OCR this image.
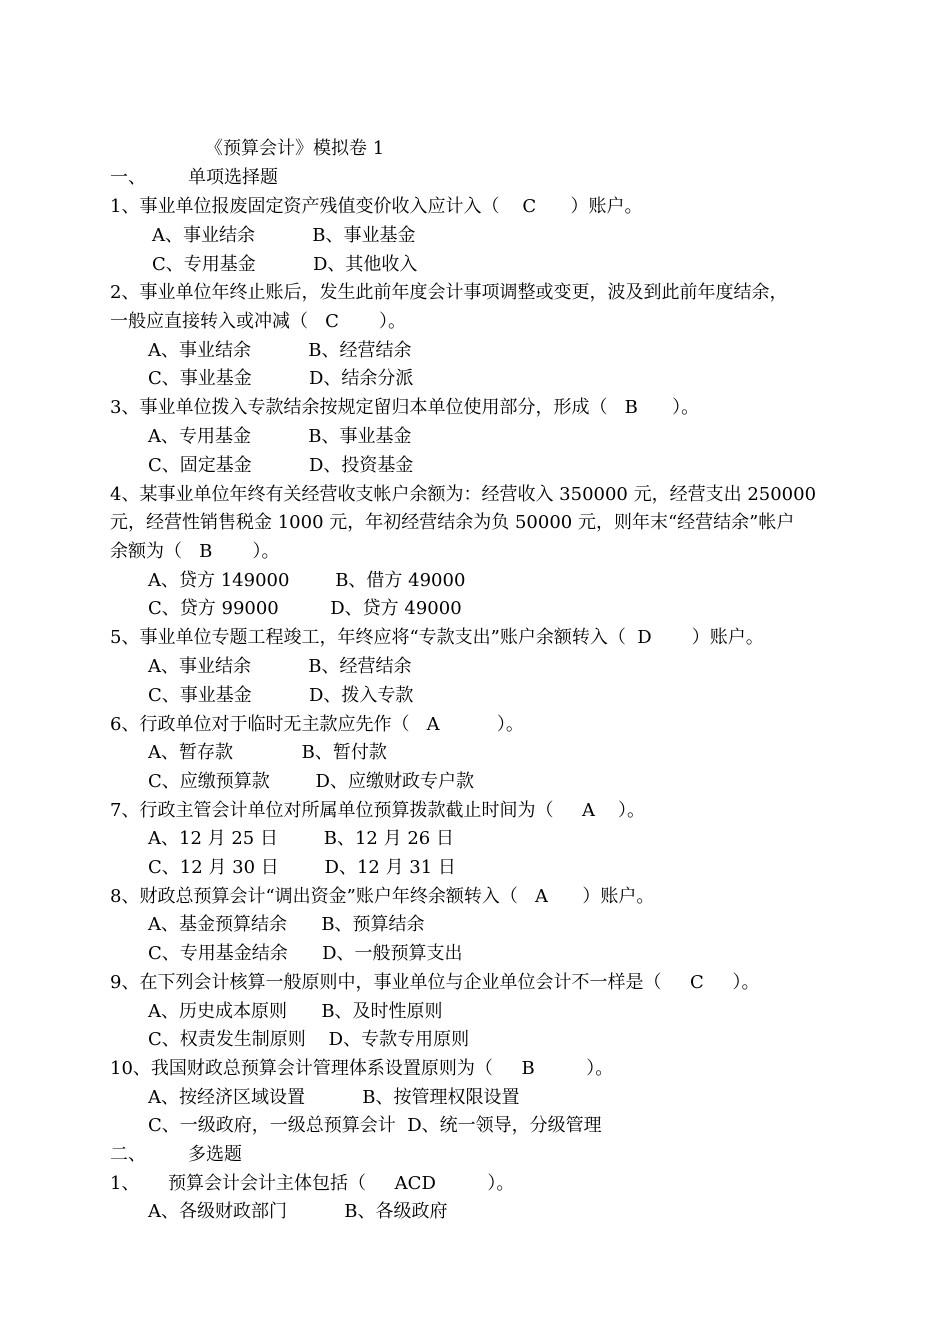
《预算会计》模拟卷 1
一、 单项选择题
1、事业单位报废固定资产残值变价收入应计入（    C      ）账户。
A、事业结余          B、事业基金
C、专用基金          D、其他收入
2、事业单位年终止账后，发生此前年度会计事项调整或变更，波及到此前年度结余，
一般应直接转入或冲减（   C       ）。
A、事业结余          B、经营结余
C、事业基金          D、结余分派
3、事业单位拨入专款结余按规定留归本单位使用部分，形成（   B      ）。
A、专用基金          B、事业基金
C、固定基金          D、投资基金
4、某事业单位年终有关经营收支帐户余额为：经营收入 350000 元，经营支出 250000
元，经营性销售税金 1000 元，年初经营结余为负 50000 元，则年末“经营结余”帐户
余额为（   B       ）。
A、贷方 149000        B、借方 49000
C、贷方 99000         D、贷方 49000
5、事业单位专题工程竣工，年终应将“专款支出”账户余额转入（  D       ）账户。
A、事业结余          B、经营结余
C、事业基金          D、拨入专款
6、行政单位对于临时无主款应先作（   A          ）。
A、暂存款            B、暂付款
C、应缴预算款        D、应缴财政专户款
7、行政主管会计单位对所属单位预算拨款截止时间为（     A    ）。
A、12 月 25 日        B、12 月 26 日
C、12 月 30 日        D、12 月 31 日
8、财政总预算会计“调出资金”账户年终余额转入（   A      ）账户。
A、基金预算结余      B、预算结余
C、专用基金结余      D、一般预算支出
9、在下列会计核算一般原则中，事业单位与企业单位会计不一样是（     C     ）。
A、历史成本原则      B、及时性原则
C、权责发生制原则    D、专款专用原则
10、我国财政总预算会计管理体系设置原则为（     B         ）。
A、按经济区域设置          B、按管理权限设置
C、一级政府，一级总预算会计  D、统一领导，分级管理
二、 多选题
1、     预算会计会计主体包括（     ACD         ）。
A、各级财政部门          B、各级政府
